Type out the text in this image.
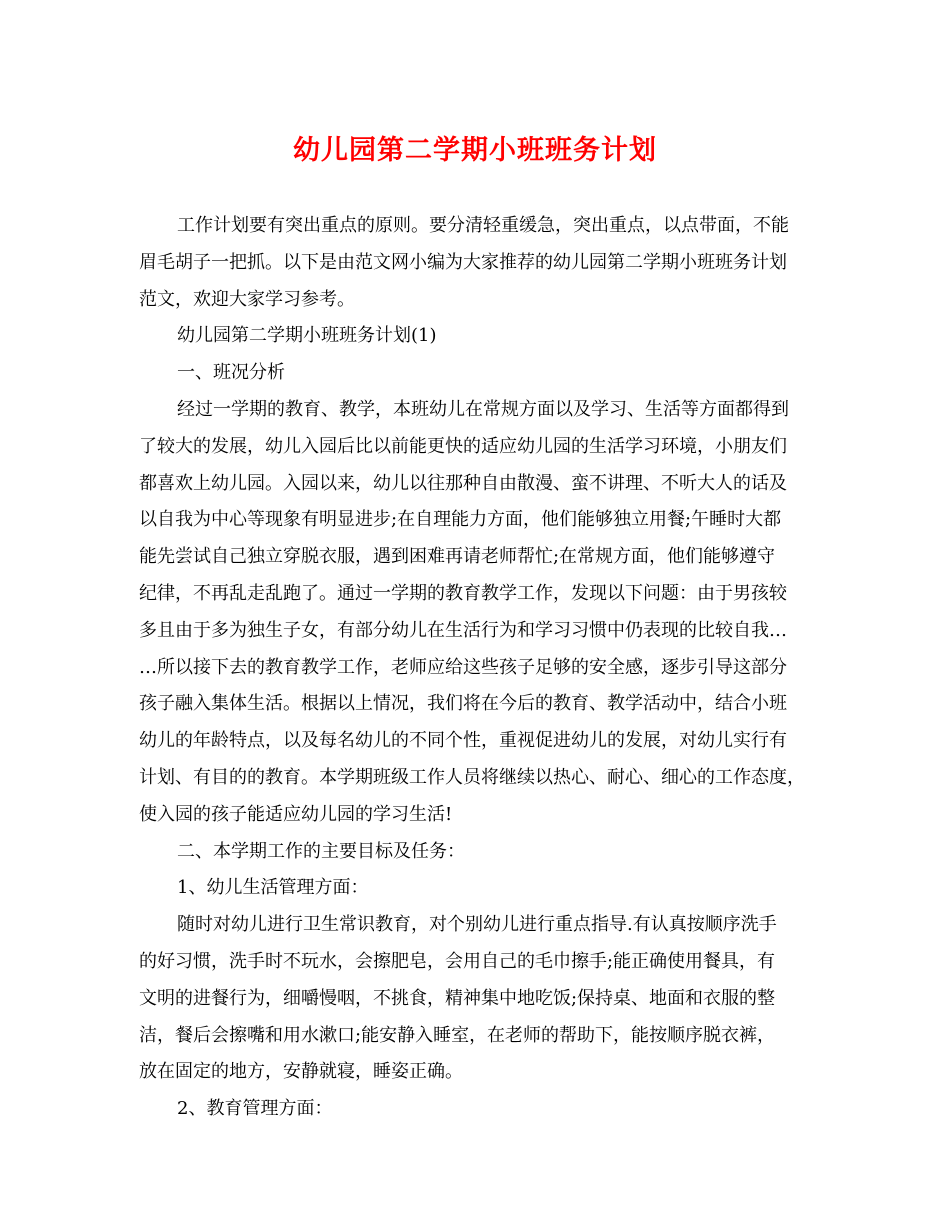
幼儿园第二学期小班班务计划
工作计划要有突出重点的原则。要分清轻重缓急，突出重点，以点带面，不能
眉毛胡子一把抓。以下是由范文网小编为大家推荐的幼儿园第二学期小班班务计划
范文，欢迎大家学习参考。
幼儿园第二学期小班班务计划(1)
一、班况分析
经过一学期的教育、教学，本班幼儿在常规方面以及学习、生活等方面都得到
了较大的发展，幼儿入园后比以前能更快的适应幼儿园的生活学习环境，小朋友们
都喜欢上幼儿园。入园以来，幼儿以往那种自由散漫、蛮不讲理、不听大人的话及
以自我为中心等现象有明显进步;在自理能力方面，他们能够独立用餐;午睡时大都
能先尝试自己独立穿脱衣服，遇到困难再请老师帮忙;在常规方面，他们能够遵守
纪律，不再乱走乱跑了。通过一学期的教育教学工作，发现以下问题：由于男孩较
多且由于多为独生子女，有部分幼儿在生活行为和学习习惯中仍表现的比较自我…
…所以接下去的教育教学工作，老师应给这些孩子足够的安全感，逐步引导这部分
孩子融入集体生活。根据以上情况，我们将在今后的教育、教学活动中，结合小班
幼儿的年龄特点，以及每名幼儿的不同个性，重视促进幼儿的发展，对幼儿实行有
计划、有目的的教育。本学期班级工作人员将继续以热心、耐心、细心的工作态度，
使入园的孩子能适应幼儿园的学习生活!
二、本学期工作的主要目标及任务：
1、幼儿生活管理方面：
随时对幼儿进行卫生常识教育，对个别幼儿进行重点指导.有认真按顺序洗手
的好习惯，洗手时不玩水，会擦肥皂，会用自己的毛巾擦手;能正确使用餐具，有
文明的进餐行为，细嚼慢咽，不挑食，精神集中地吃饭;保持桌、地面和衣服的整
洁，餐后会擦嘴和用水漱口;能安静入睡室，在老师的帮助下，能按顺序脱衣裤，
放在固定的地方，安静就寝，睡姿正确。
2、教育管理方面：
